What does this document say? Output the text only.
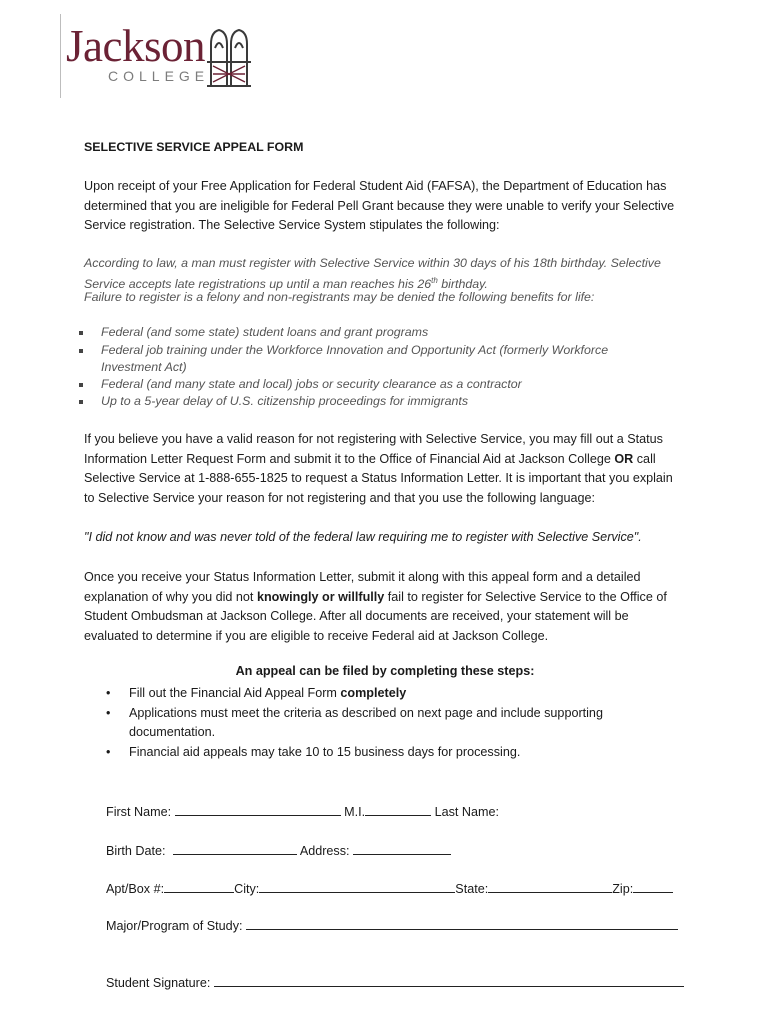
Jackson
COLLEGE
SELECTIVE SERVICE APPEAL FORM
Upon receipt of your Free Application for Federal Student Aid (FAFSA), the Department of Education has
determined that you are ineligible for Federal Pell Grant because they were unable to verify your Selective
Service registration. The Selective Service System stipulates the following:
According to law, a man must register with Selective Service within 30 days of his 18th birthday. Selective
Service accepts late registrations up until a man reaches his 26th birthday.
Failure to register is a felony and non-registrants may be denied the following benefits for life:
Federal (and some state) student loans and grant programs
Federal job training under the Workforce Innovation and Opportunity Act (formerly Workforce
Investment Act)
Federal (and many state and local) jobs or security clearance as a contractor
Up to a 5-year delay of U.S. citizenship proceedings for immigrants
If you believe you have a valid reason for not registering with Selective Service, you may fill out a Status
Information Letter Request Form and submit it to the Office of Financial Aid at Jackson College OR call
Selective Service at 1-888-655-1825 to request a Status Information Letter. It is important that you explain
to Selective Service your reason for not registering and that you use the following language:
"I did not know and was never told of the federal law requiring me to register with Selective Service".
Once you receive your Status Information Letter, submit it along with this appeal form and a detailed
explanation of why you did not knowingly or willfully fail to register for Selective Service to the Office of
Student Ombudsman at Jackson College. After all documents are received, your statement will be
evaluated to determine if you are eligible to receive Federal aid at Jackson College.
An appeal can be filed by completing these steps:
• Fill out the Financial Aid Appeal Form completely
• Applications must meet the criteria as described on next page and include supporting
documentation.
• Financial aid appeals may take 10 to 15 business days for processing.
First Name:	M.I.	Last Name:
Birth Date:	Address:
Apt/Box #:	City:	State:	Zip:
Major/Program of Study:
Student Signature:
